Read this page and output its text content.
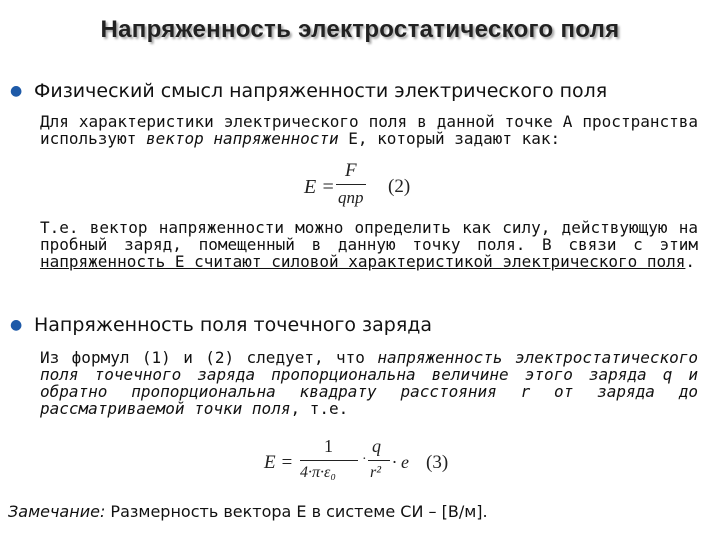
Напряженность электростатического поля
● Физический смысл напряженности электрического поля
Для характеристики электрического поля в данной точке А пространства используют вектор напряженности E, который задают как:
E =
F
qпр
(2)
Т.е. вектор напряженности можно определить как силу, действующую на пробный заряд, помещенный в данную точку поля. В связи с этим напряженность E считают силовой характеристикой электрического поля.
● Напряженность поля точечного заряда
Из формул (1) и (2) следует, что напряженность электростатического поля точечного заряда пропорциональна величине этого заряда q и обратно пропорциональна квадрату расстояния r от заряда до рассматриваемой точки поля, т.е.
E =
1
4·π·ε₀
·
q
r²
· e (3)
Замечание: Размерность вектора E в системе СИ – [В/м].
